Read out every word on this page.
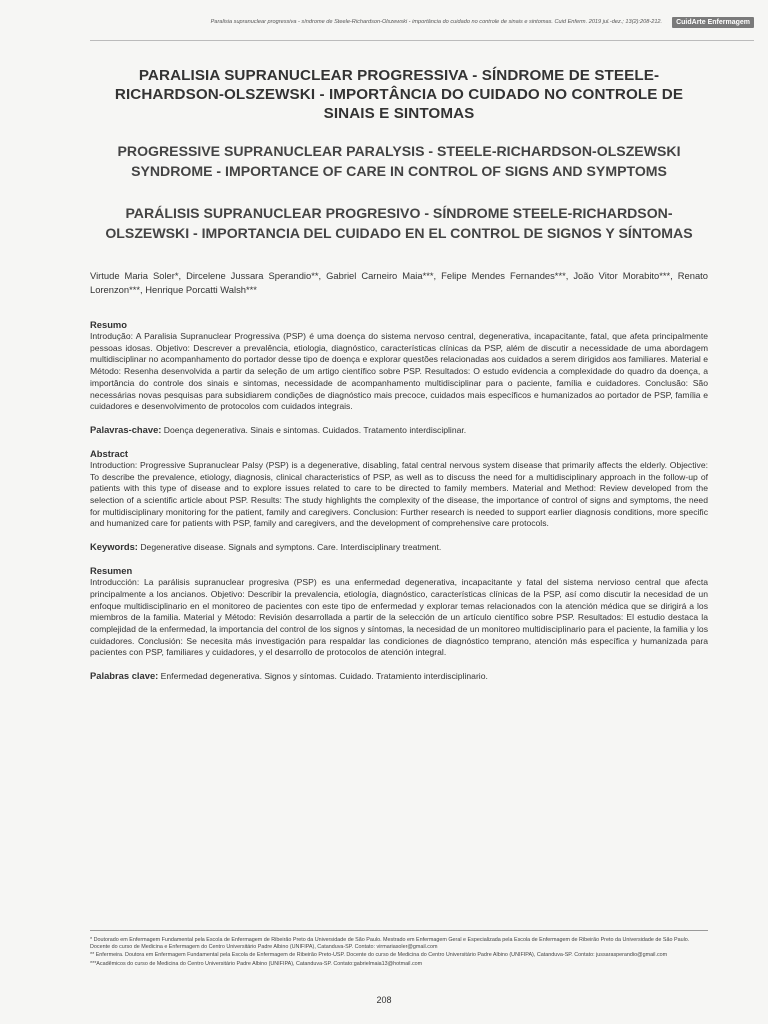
Paralisia supranuclear progressiva - síndrome de Steele-Richardson-Olszewski - importância do cuidado no controle de sinais e sintomas. Cuid Enferm. 2019 jul.-dez.; 13(2):208-212. CuidArte Enfermagem
PARALISIA SUPRANUCLEAR PROGRESSIVA - SÍNDROME DE STEELE-RICHARDSON-OLSZEWSKI - IMPORTÂNCIA DO CUIDADO NO CONTROLE DE SINAIS E SINTOMAS
PROGRESSIVE SUPRANUCLEAR PARALYSIS - STEELE-RICHARDSON-OLSZEWSKI SYNDROME - IMPORTANCE OF CARE IN CONTROL OF SIGNS AND SYMPTOMS
PARÁLISIS SUPRANUCLEAR PROGRESIVO - SÍNDROME STEELE-RICHARDSON-OLSZEWSKI - IMPORTANCIA DEL CUIDADO EN EL CONTROL DE SIGNOS Y SÍNTOMAS
Virtude Maria Soler*, Dircelene Jussara Sperandio**, Gabriel Carneiro Maia***, Felipe Mendes Fernandes***, João Vitor Morabito***, Renato Lorenzon***, Henrique Porcatti Walsh***
Resumo

Introdução: A Paralisia Supranuclear Progressiva (PSP) é uma doença do sistema nervoso central, degenerativa, incapacitante, fatal, que afeta principalmente pessoas idosas. Objetivo: Descrever a prevalência, etiologia, diagnóstico, características clínicas da PSP, além de discutir a necessidade de uma abordagem multidisciplinar no acompanhamento do portador desse tipo de doença e explorar questões relacionadas aos cuidados a serem dirigidos aos familiares. Material e Método: Resenha desenvolvida a partir da seleção de um artigo científico sobre PSP. Resultados: O estudo evidencia a complexidade do quadro da doença, a importância do controle dos sinais e sintomas, necessidade de acompanhamento multidisciplinar para o paciente, família e cuidadores. Conclusão: São necessárias novas pesquisas para subsidiarem condições de diagnóstico mais precoce, cuidados mais específicos e humanizados ao portador de PSP, família e cuidadores e desenvolvimento de protocolos com cuidados integrais.

Palavras-chave: Doença degenerativa. Sinais e sintomas. Cuidados. Tratamento interdisciplinar.
Abstract

Introduction: Progressive Supranuclear Palsy (PSP) is a degenerative, disabling, fatal central nervous system disease that primarily affects the elderly. Objective: To describe the prevalence, etiology, diagnosis, clinical characteristics of PSP, as well as to discuss the need for a multidisciplinary approach in the follow-up of patients with this type of disease and to explore issues related to care to be directed to family members. Material and Method: Review developed from the selection of a scientific article about PSP. Results: The study highlights the complexity of the disease, the importance of control of signs and symptoms, the need for multidisciplinary monitoring for the patient, family and caregivers. Conclusion: Further research is needed to support earlier diagnosis conditions, more specific and humanized care for patients with PSP, family and caregivers, and the development of comprehensive care protocols.

Keywords: Degenerative disease. Signals and symptons. Care. Interdisciplinary treatment.
Resumen

Introducción: La parálisis supranuclear progresiva (PSP) es una enfermedad degenerativa, incapacitante y fatal del sistema nervioso central que afecta principalmente a los ancianos. Objetivo: Describir la prevalencia, etiología, diagnóstico, características clínicas de la PSP, así como discutir la necesidad de un enfoque multidisciplinario en el monitoreo de pacientes con este tipo de enfermedad y explorar temas relacionados con la atención médica que se dirigirá a los miembros de la familia. Material y Método: Revisión desarrollada a partir de la selección de un artículo científico sobre PSP. Resultados: El estudio destaca la complejidad de la enfermedad, la importancia del control de los signos y síntomas, la necesidad de un monitoreo multidisciplinario para el paciente, la familia y los cuidadores. Conclusión: Se necesita más investigación para respaldar las condiciones de diagnóstico temprano, atención más específica y humanizada para pacientes con PSP, familiares y cuidadores, y el desarrollo de protocolos de atención integral.

Palabras clave: Enfermedad degenerativa. Signos y síntomas. Cuidado. Tratamiento interdisciplinario.

* Doutorado em Enfermagem Fundamental pela Escola de Enfermagem de Ribeirão Preto da Universidade de São Paulo. Mestrado em Enfermagem Geral e Especializada pela Escola de Enfermagem de Ribeirão Preto da Universidade de São Paulo. Docente do curso de Medicina e Enfermagem do Centro Universitário Padre Albino (UNIFIPA), Catanduva-SP. Contato: virmariasoler@gmail.com

** Enfermeira. Doutora em Enfermagem Fundamental pela Escola de Enfermagem de Ribeirão Preto-USP. Docente do curso de Medicina do Centro Universitário Padre Albino (UNIFIPA), Catanduva-SP. Contato: jussarasperandio@gmail.com

***Acadêmicos do curso de Medicina do Centro Universitário Padre Albino (UNIFIPA), Catanduva-SP. Contato:gabrielmaia13@hotmail.com

208
